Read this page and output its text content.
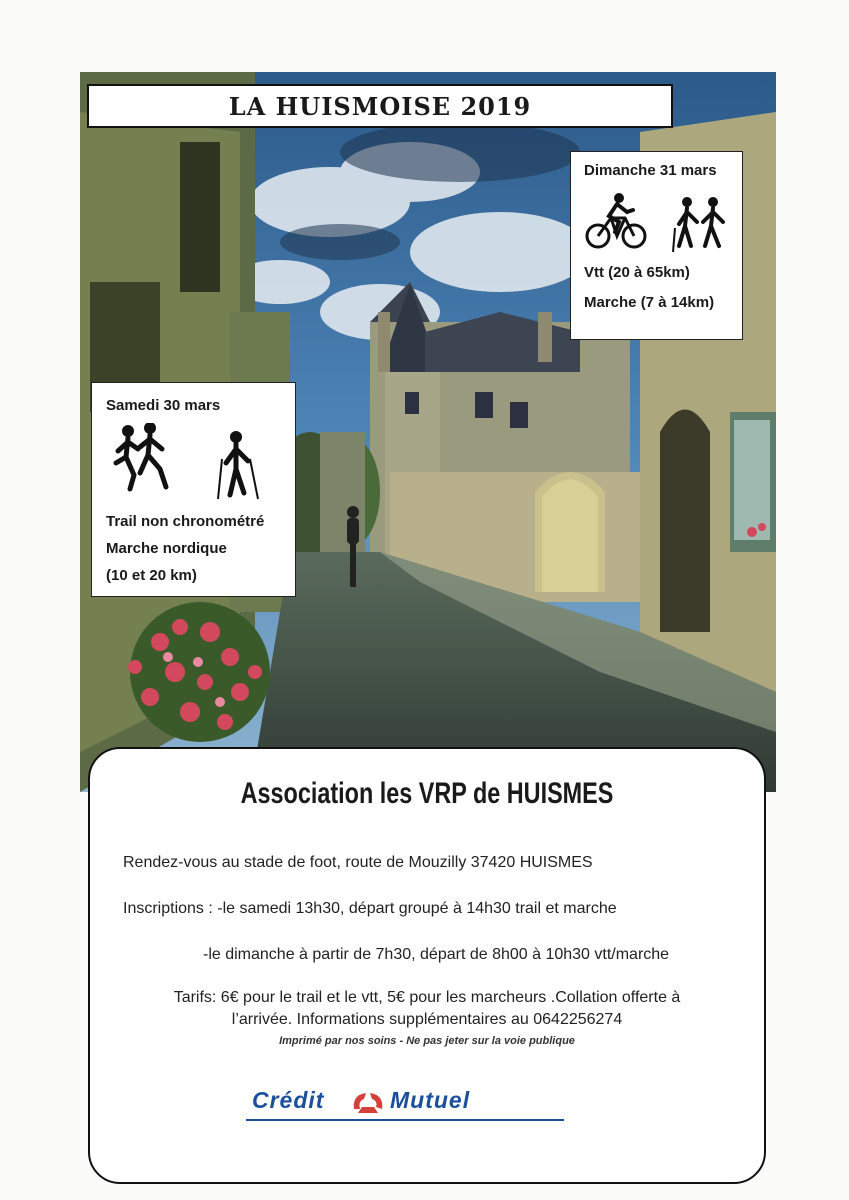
LA HUISMOISE 2019
Dimanche 31 mars
Vtt (20 à 65km)
Marche (7 à 14km)
Samedi 30 mars
Trail non chronométré
Marche nordique
(10 et 20 km)
Association les VRP de HUISMES
Rendez-vous au stade de foot, route de Mouzilly 37420 HUISMES
Inscriptions : -le samedi 13h30, départ groupé à 14h30 trail et marche
-le dimanche à partir de 7h30, départ de 8h00 à 10h30 vtt/marche
Tarifs: 6€ pour le trail et le vtt, 5€ pour les marcheurs .Collation offerte à
l’arrivée. Informations supplémentaires au 0642256274
Imprimé par nos soins - Ne pas jeter sur la voie publique
Crédit	Mutuel
